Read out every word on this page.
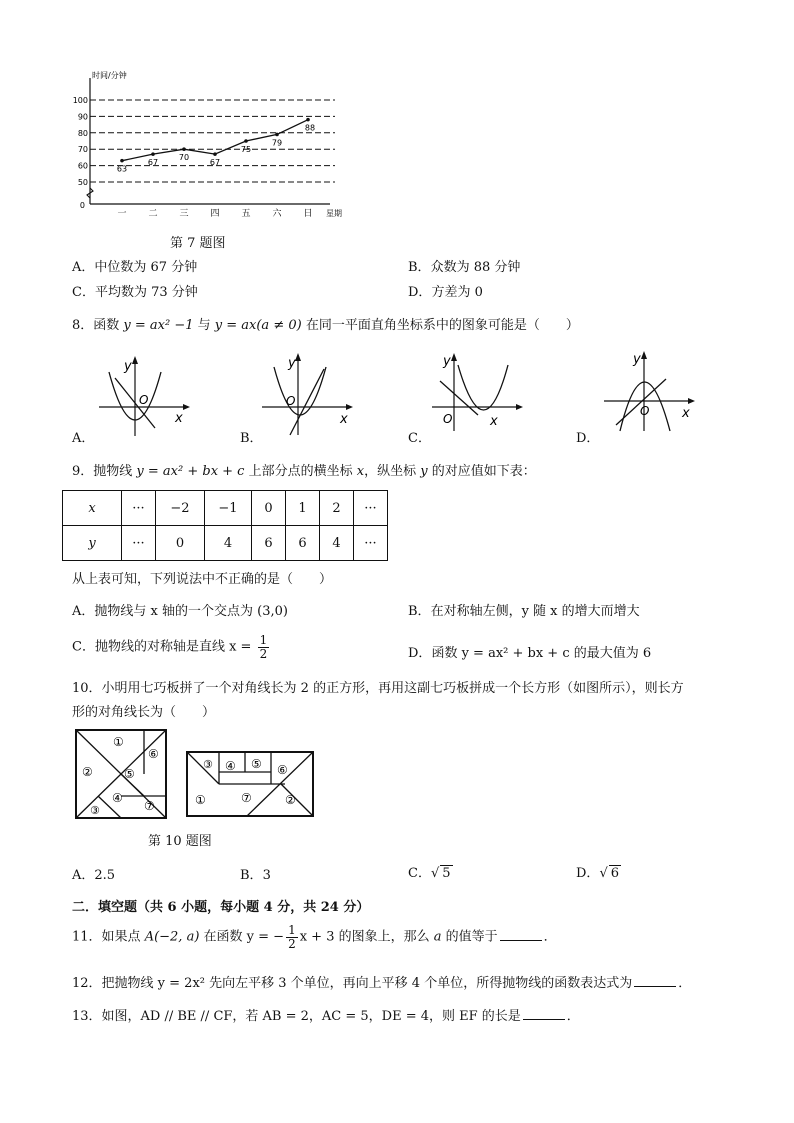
时间/分钟
星期
0
50
60
70
80
90
100
一 二 三 四 五 六 日
63
67
70
67
75
79
88
第 7 题图
A．中位数为 67 分钟	B．众数为 88 分钟
C．平均数为 73 分钟	D．方差为 0
8．函数 y = ax² −1 与 y = ax(a ≠ 0) 在同一平面直角坐标系中的图象可能是（　　）
O
x
y
A．
O
x
y
B．
O	x
y
C．
O	x
y
D．
9．抛物线 y = ax² + bx + c 上部分点的横坐标 x，纵坐标 y 的对应值如下表：
x	···	−2	−1	0	1	2	···
y	···	0	4	6	6	4	···
从上表可知，下列说法中不正确的是（　　）
A．抛物线与 x 轴的一个交点为 (3,0)	B．在对称轴左侧，y 随 x 的增大而增大
C．抛物线的对称轴是直线 $x = \frac{1}{2}$	D．函数 y = ax² + bx + c 的最大值为 6
10．小明用七巧板拼了一个对角线长为 2 的正方形，再用这副七巧板拼成一个长方形（如图所示），则长方
形的对角线长为（　　）
①
②
③
④
⑤
⑥
⑦
③ ④ ⑤ ⑥
①	⑦	②
第 10 题图
A．2.5	B．3	C．√ 5	D．√ 6
二．填空题（共 6 小题，每小题 4 分，共 24 分）
11．如果点 A(−2, a) 在函数 y = − $\frac{1}{2}$ x + 3 的图象上，那么 a 的值等于	．
12．把抛物线 y = 2x² 先向左平移 3 个单位，再向上平移 4 个单位，所得抛物线的函数表达式为	．
13．如图，AD // BE // CF，若 AB = 2，AC = 5，DE = 4，则 EF 的长是	．
